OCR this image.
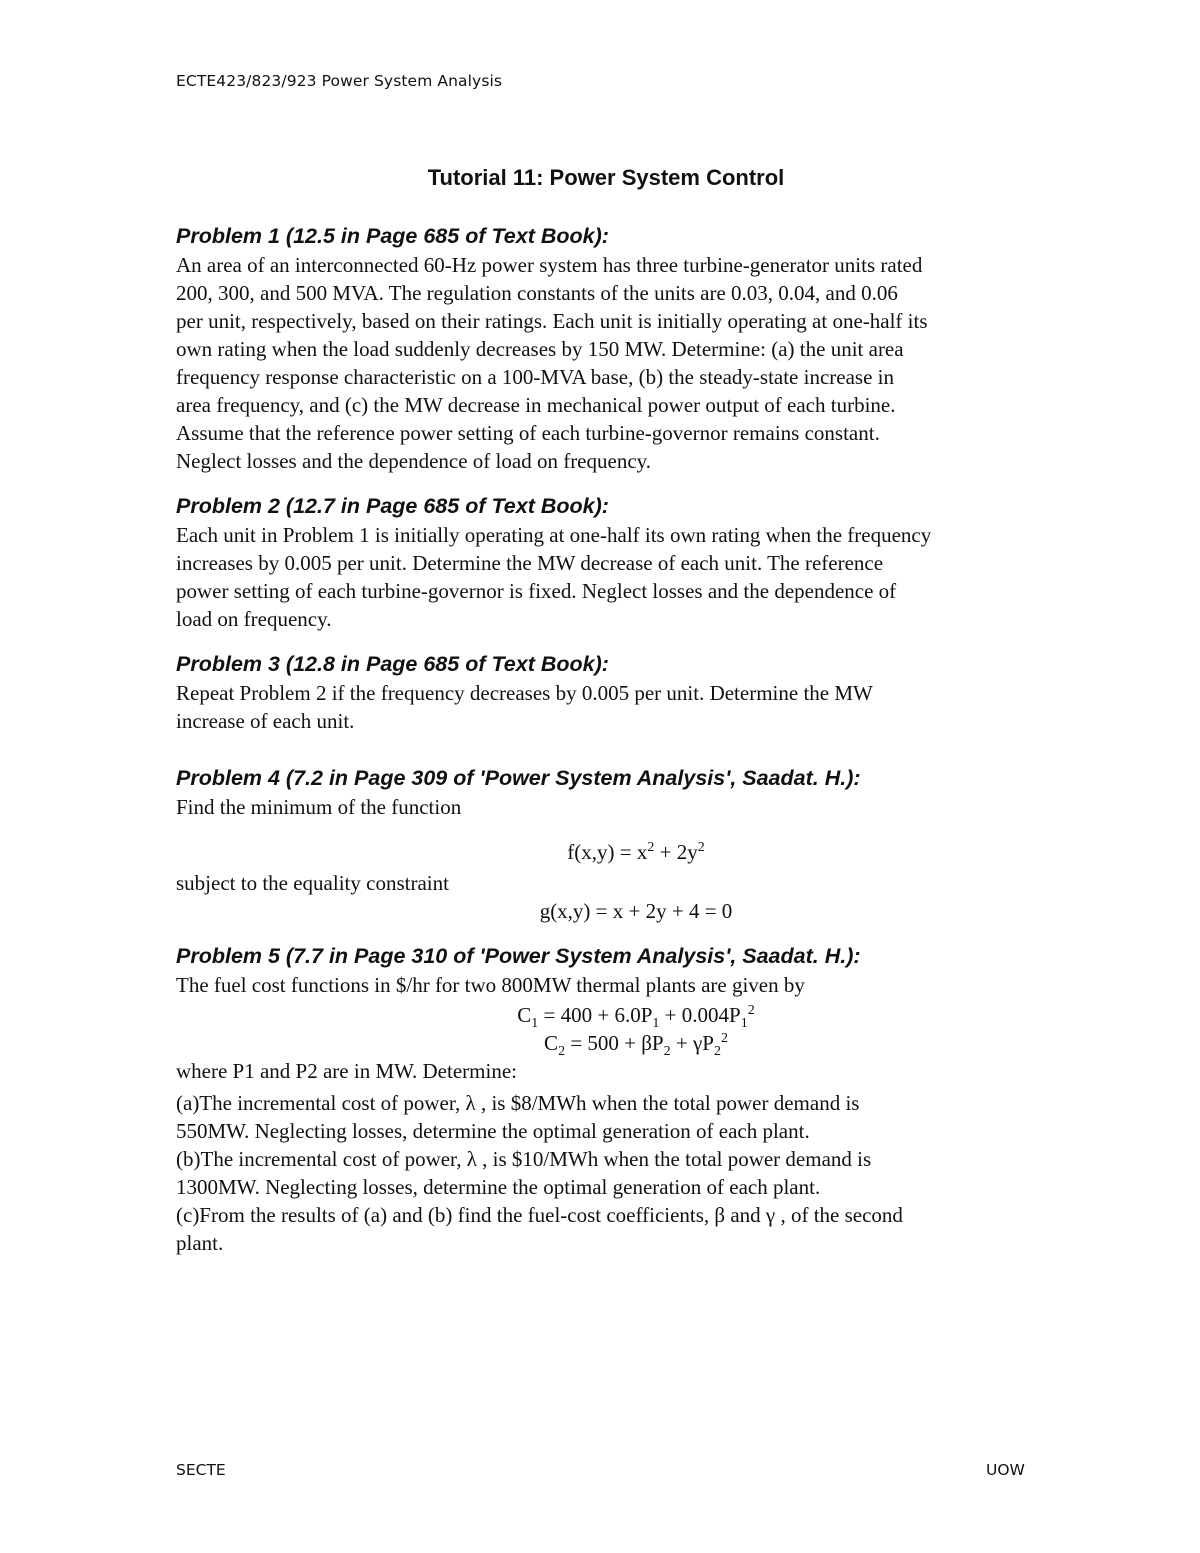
ECTE423/823/923 Power System Analysis
Tutorial 11: Power System Control
Problem 1 (12.5 in Page 685 of Text Book):
An area of an interconnected 60-Hz power system has three turbine-generator units rated
200, 300, and 500 MVA. The regulation constants of the units are 0.03, 0.04, and 0.06
per unit, respectively, based on their ratings. Each unit is initially operating at one-half its
own rating when the load suddenly decreases by 150 MW. Determine: (a) the unit area
frequency response characteristic on a 100-MVA base, (b) the steady-state increase in
area frequency, and (c) the MW decrease in mechanical power output of each turbine.
Assume that the reference power setting of each turbine-governor remains constant.
Neglect losses and the dependence of load on frequency.
Problem 2 (12.7 in Page 685 of Text Book):
Each unit in Problem 1 is initially operating at one-half its own rating when the frequency
increases by 0.005 per unit. Determine the MW decrease of each unit. The reference
power setting of each turbine-governor is fixed. Neglect losses and the dependence of
load on frequency.
Problem 3 (12.8 in Page 685 of Text Book):
Repeat Problem 2 if the frequency decreases by 0.005 per unit. Determine the MW
increase of each unit.
Problem 4 (7.2 in Page 309 of 'Power System Analysis', Saadat. H.):
Find the minimum of the function
$f(x,y) = x^2 + 2y^2$
subject to the equality constraint
g(x,y) = x + 2y + 4 = 0
Problem 5 (7.7 in Page 310 of 'Power System Analysis', Saadat. H.):
The fuel cost functions in $/hr for two 800MW thermal plants are given by
$C_1 = 400 + 6.0P_1 + 0.004P_1^2$
$C_2 = 500 + \beta P_2 + \gamma P_2^2$
where P1 and P2 are in MW. Determine:
(a)The incremental cost of power, λ , is $8/MWh when the total power demand is
550MW. Neglecting losses, determine the optimal generation of each plant.
(b)The incremental cost of power, λ , is $10/MWh when the total power demand is
1300MW. Neglecting losses, determine the optimal generation of each plant.
(c)From the results of (a) and (b) find the fuel-cost coefficients, β and γ , of the second
plant.
SECTE	UOW
